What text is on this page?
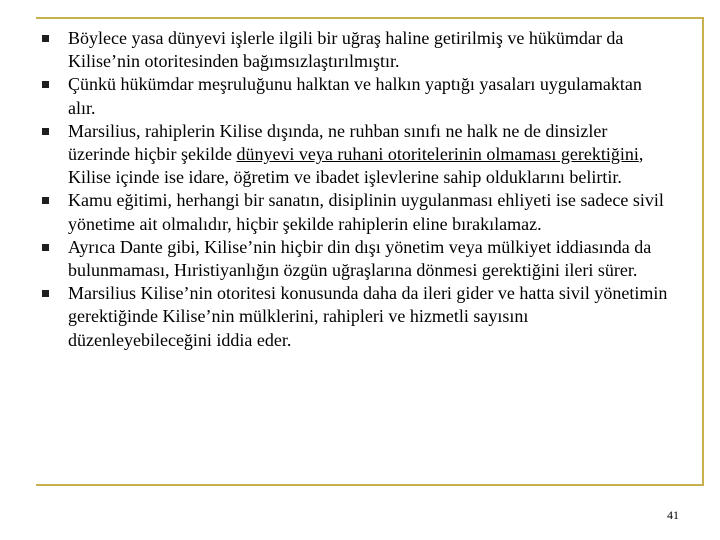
Böylece yasa dünyevi işlerle ilgili bir uğraş haline getirilmiş ve hükümdar da Kilise’nin otoritesinden bağımsızlaştırılmıştır.
Çünkü hükümdar meşruluğunu halktan ve halkın yaptığı yasaları uygulamaktan alır.
Marsilius, rahiplerin Kilise dışında, ne ruhban sınıfı ne halk ne de dinsizler üzerinde hiçbir şekilde dünyevi veya ruhani otoritelerinin olmaması gerektiğini, Kilise içinde ise idare, öğretim ve ibadet işlevlerine sahip olduklarını belirtir.
Kamu eğitimi, herhangi bir sanatın, disiplinin uygulanması ehliyeti ise sadece sivil yönetime ait olmalıdır, hiçbir şekilde rahiplerin eline bırakılamaz.
Ayrıca Dante gibi, Kilise’nin hiçbir din dışı yönetim veya mülkiyet iddiasında da bulunmaması, Hıristiyanlığın özgün uğraşlarına dönmesi gerektiğini ileri sürer.
Marsilius Kilise’nin otoritesi konusunda daha da ileri gider ve hatta sivil yönetimin gerektiğinde Kilise’nin mülklerini, rahipleri ve hizmetli sayısını düzenleyebileceğini iddia eder.
41
